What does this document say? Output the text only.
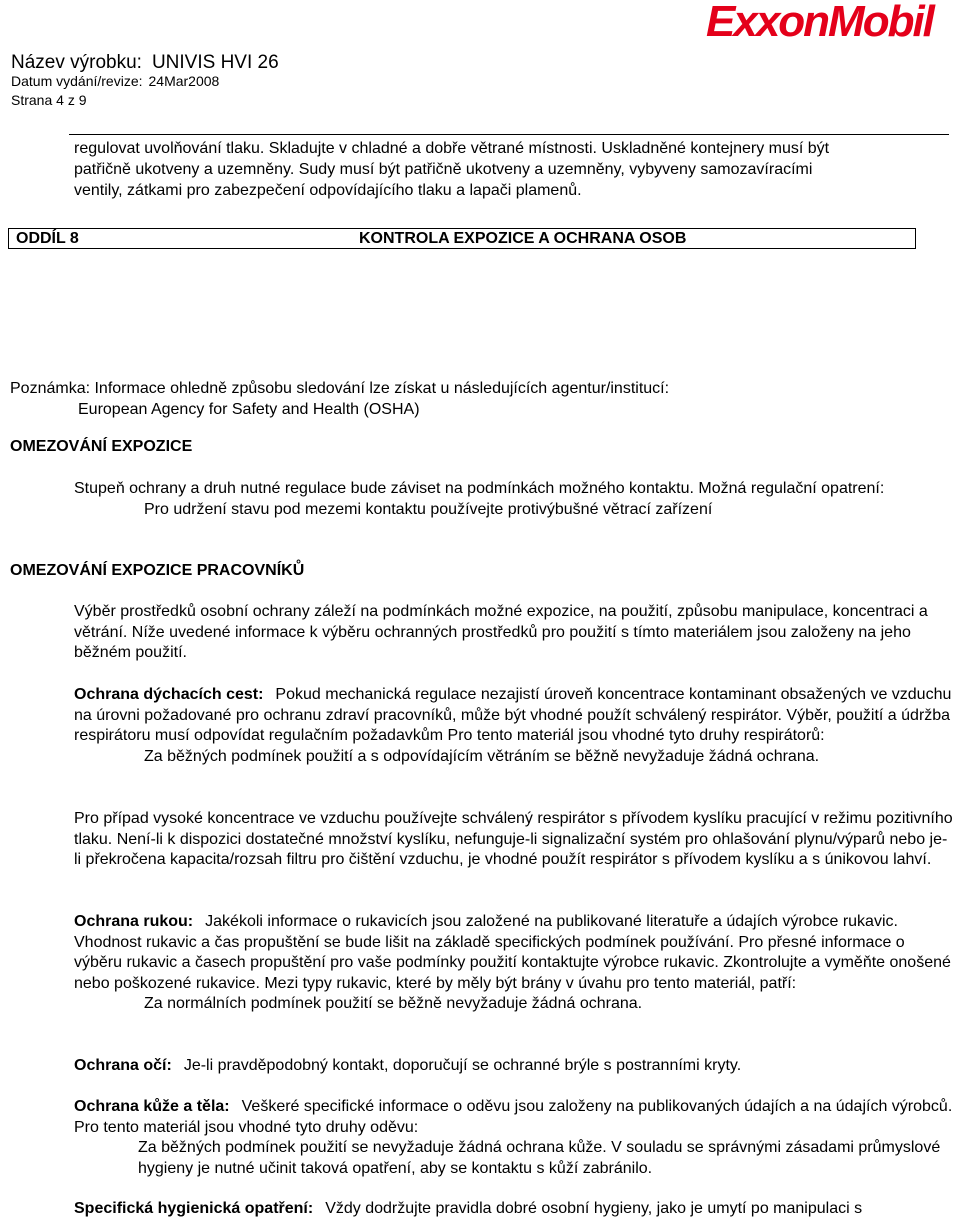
ExxonMobil
Název výrobku: UNIVIS HVI 26
Datum vydání/revize: 24Mar2008
Strana 4 z 9
regulovat uvolňování tlaku. Skladujte v chladné a dobře větrané místnosti. Uskladněné kontejnery musí být
patřičně ukotveny a uzemněny. Sudy musí být patřičně ukotveny a uzemněny, vybyveny samozavíracími
ventily, zátkami pro zabezpečení odpovídajícího tlaku a lapači plamenů.
ODDÍL 8	KONTROLA EXPOZICE A OCHRANA OSOB
Poznámka: Informace ohledně způsobu sledování lze získat u následujících agentur/institucí:
European Agency for Safety and Health (OSHA)
OMEZOVÁNÍ EXPOZICE
Stupeň ochrany a druh nutné regulace bude záviset na podmínkách možného kontaktu. Možná regulační opatrení:
Pro udržení stavu pod mezemi kontaktu používejte protivýbušné větrací zařízení
OMEZOVÁNÍ EXPOZICE PRACOVNÍKŮ
Výběr prostředků osobní ochrany záleží na podmínkách možné expozice, na použití, způsobu manipulace, koncentraci a větrání. Níže uvedené informace k výběru ochranných prostředků pro použití s tímto materiálem jsou založeny na jeho běžném použití.
Ochrana dýchacích cest: Pokud mechanická regulace nezajistí úroveň koncentrace kontaminant obsažených ve vzduchu na úrovni požadované pro ochranu zdraví pracovníků, může být vhodné použít schválený respirátor. Výběr, použití a údržba respirátoru musí odpovídat regulačním požadavkům Pro tento materiál jsou vhodné tyto druhy respirátorů:
Za běžných podmínek použití a s odpovídajícím větráním se běžně nevyžaduje žádná ochrana.
Pro případ vysoké koncentrace ve vzduchu používejte schválený respirátor s přívodem kyslíku pracující v režimu pozitivního tlaku. Není-li k dispozici dostatečné množství kyslíku, nefunguje-li signalizační systém pro ohlašování plynu/výparů nebo je-li překročena kapacita/rozsah filtru pro čištění vzduchu, je vhodné použít respirátor s přívodem kyslíku a s únikovou lahví.
Ochrana rukou: Jakékoli informace o rukavicích jsou založené na publikované literatuře a údajích výrobce rukavic. Vhodnost rukavic a čas propuštění se bude lišit na základě specifických podmínek používání. Pro přesné informace o výběru rukavic a časech propuštění pro vaše podmínky použití kontaktujte výrobce rukavic. Zkontrolujte a vyměňte onošené nebo poškozené rukavice. Mezi typy rukavic, které by měly být brány v úvahu pro tento materiál, patří:
Za normálních podmínek použití se běžně nevyžaduje žádná ochrana.
Ochrana očí: Je-li pravděpodobný kontakt, doporučují se ochranné brýle s postranními kryty.
Ochrana kůže a těla: Veškeré specifické informace o oděvu jsou založeny na publikovaných údajích a na údajích výrobců. Pro tento materiál jsou vhodné tyto druhy oděvu:
Za běžných podmínek použití se nevyžaduje žádná ochrana kůže. V souladu se správnými zásadami průmyslové hygieny je nutné učinit taková opatření, aby se kontaktu s kůží zabránilo.
Specifická hygienická opatření: Vždy dodržujte pravidla dobré osobní hygieny, jako je umytí po manipulaci s
